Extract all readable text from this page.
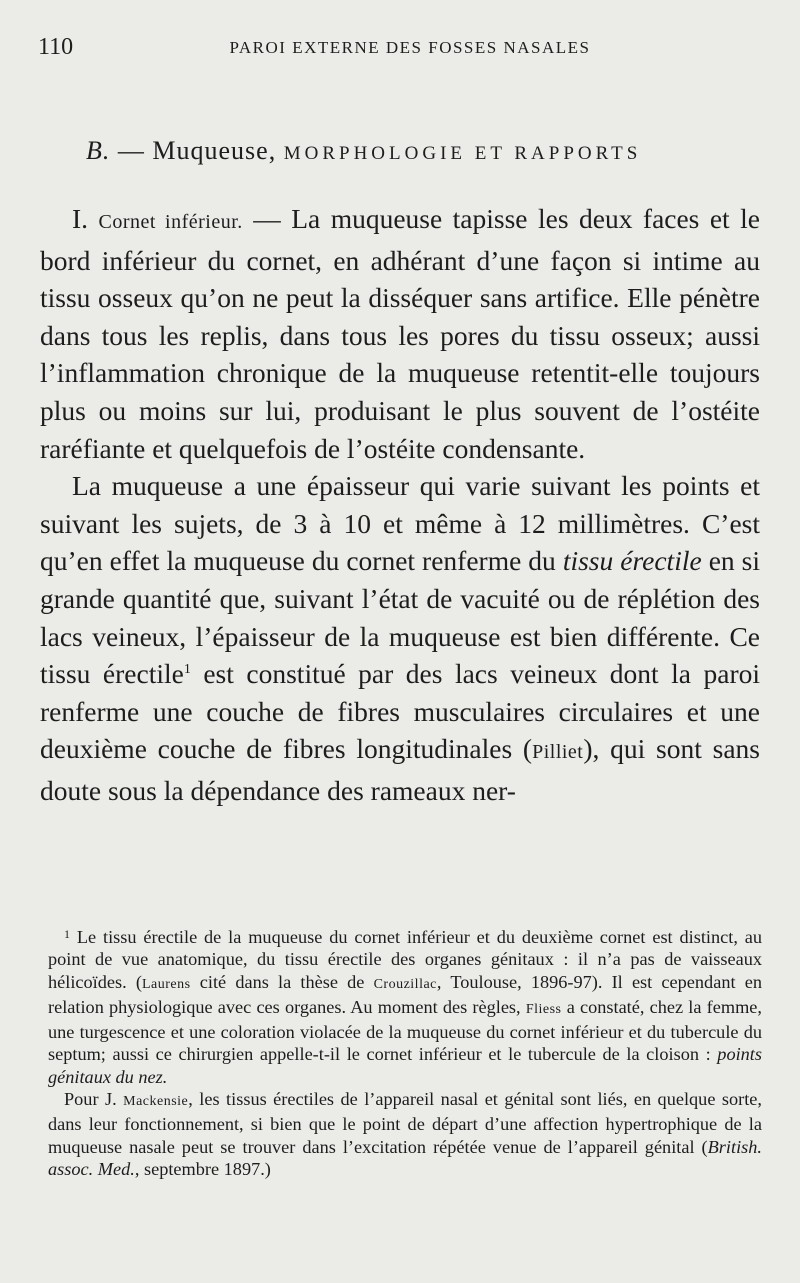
110	PAROI EXTERNE DES FOSSES NASALES
B. — Muqueuse, MORPHOLOGIE ET RAPPORTS

I. Cornet inférieur. — La muqueuse tapisse les deux faces et le bord inférieur du cornet, en adhérant d’une façon si intime au tissu osseux qu’on ne peut la disséquer sans artifice. Elle pénètre dans tous les replis, dans tous les pores du tissu osseux; aussi l’inflammation chronique de la muqueuse retentit-elle toujours plus ou moins sur lui, produisant le plus souvent de l’ostéite raréfiante et quelquefois de l’ostéite condensante.

La muqueuse a une épaisseur qui varie suivant les points et suivant les sujets, de 3 à 10 et même à 12 millimètres. C’est qu’en effet la muqueuse du cornet renferme du tissu érectile en si grande quantité que, suivant l’état de vacuité ou de réplétion des lacs veineux, l’épaisseur de la muqueuse est bien différente. Ce tissu érectile$^1$ est constitué par des lacs veineux dont la paroi renferme une couche de fibres musculaires circulaires et une deuxième couche de fibres longitudinales (Pilliet), qui sont sans doute sous la dépendance des rameaux ner-

$^1$ Le tissu érectile de la muqueuse du cornet inférieur et du deuxième cornet est distinct, au point de vue anatomique, du tissu érectile des organes génitaux : il n’a pas de vaisseaux hélicoïdes. (Laurens cité dans la thèse de Crouzillac, Toulouse, 1896-97). Il est cependant en relation physiologique avec ces organes. Au moment des règles, Fliess a constaté, chez la femme, une turgescence et une coloration violacée de la muqueuse du cornet inférieur et du tubercule du septum; aussi ce chirurgien appelle-t-il le cornet inférieur et le tubercule de la cloison : points génitaux du nez.

Pour J. Mackensie, les tissus érectiles de l’appareil nasal et génital sont liés, en quelque sorte, dans leur fonctionnement, si bien que le point de départ d’une affection hypertrophique de la muqueuse nasale peut se trouver dans l’excitation répétée venue de l’appareil génital (British. assoc. Med., septembre 1897.)
